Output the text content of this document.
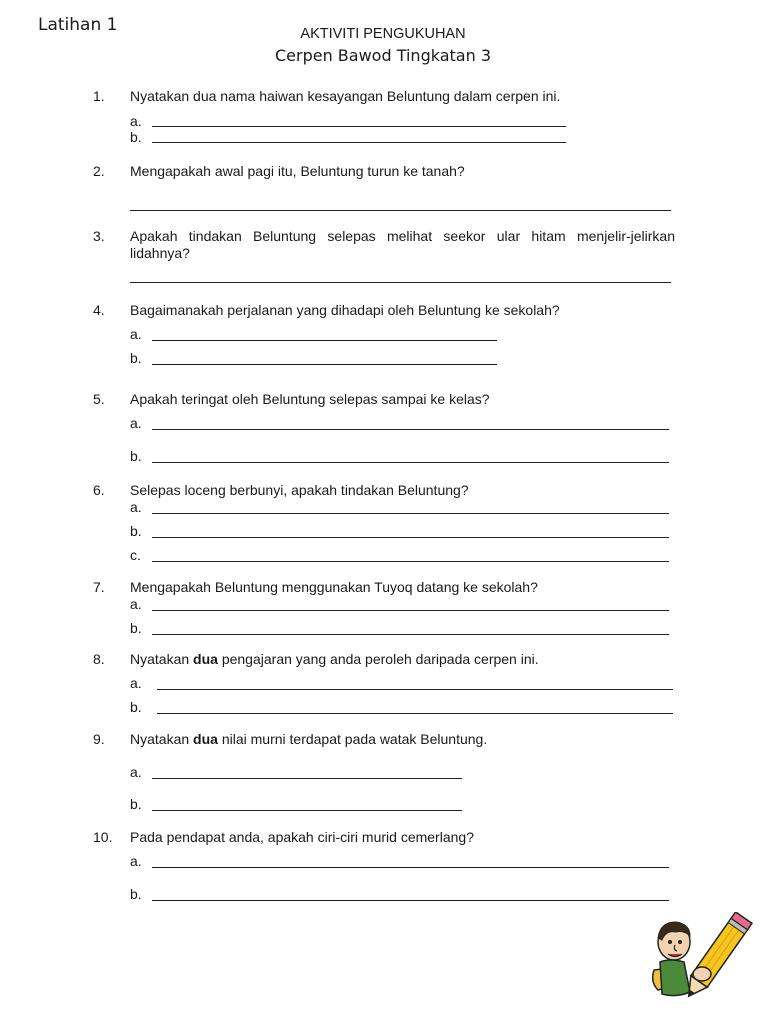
Latihan 1	AKTIVITI PENGUKUHAN
Cerpen Bawod Tingkatan 3
1.	Nyatakan dua nama haiwan kesayangan Beluntung dalam cerpen ini.
a.
b.
2.	Mengapakah awal pagi itu, Beluntung turun ke tanah?
3.	Apakah tindakan Beluntung selepas melihat seekor ular hitam menjelir-jelirkan
lidahnya?
4.	Bagaimanakah perjalanan yang dihadapi oleh Beluntung ke sekolah?
a.
b.
5.	Apakah teringat oleh Beluntung selepas sampai ke kelas?
a.
b.
6.	Selepas loceng berbunyi, apakah tindakan Beluntung?
a.
b.
c.
7.	Mengapakah Beluntung menggunakan Tuyoq datang ke sekolah?
a.
b.
8.	Nyatakan dua pengajaran yang anda peroleh daripada cerpen ini.
a.
b.
9.	Nyatakan dua nilai murni terdapat pada watak Beluntung.
a.
b.
10.	Pada pendapat anda, apakah ciri-ciri murid cemerlang?
a.
b.
